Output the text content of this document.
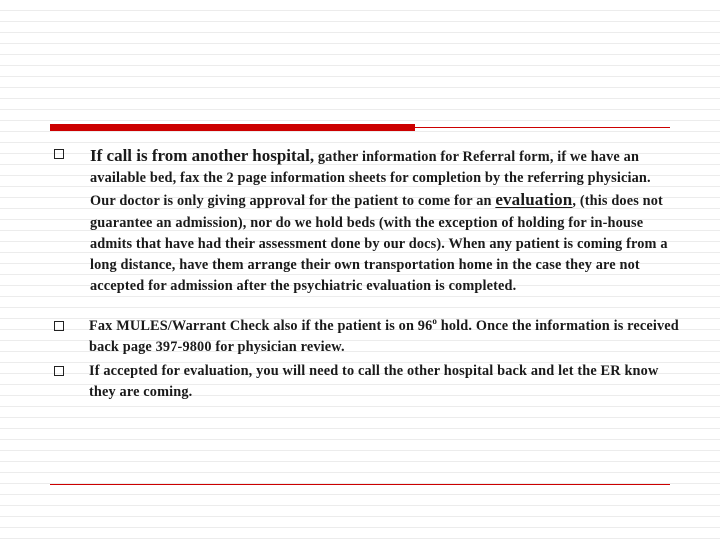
If call is from another hospital, gather information for Referral form, if we have an available bed, fax the 2 page information sheets for completion by the referring physician. Our doctor is only giving approval for the patient to come for an evaluation, (this does not guarantee an admission), nor do we hold beds (with the exception of holding for in-house admits that have had their assessment done by our docs). When any patient is coming from a long distance, have them arrange their own transportation home in the case they are not accepted for admission after the psychiatric evaluation is completed.
Fax MULES/Warrant Check also if the patient is on 96$^o$ hold. Once the information is received back page 397-9800 for physician review.
If accepted for evaluation, you will need to call the other hospital back and let the ER know they are coming.
